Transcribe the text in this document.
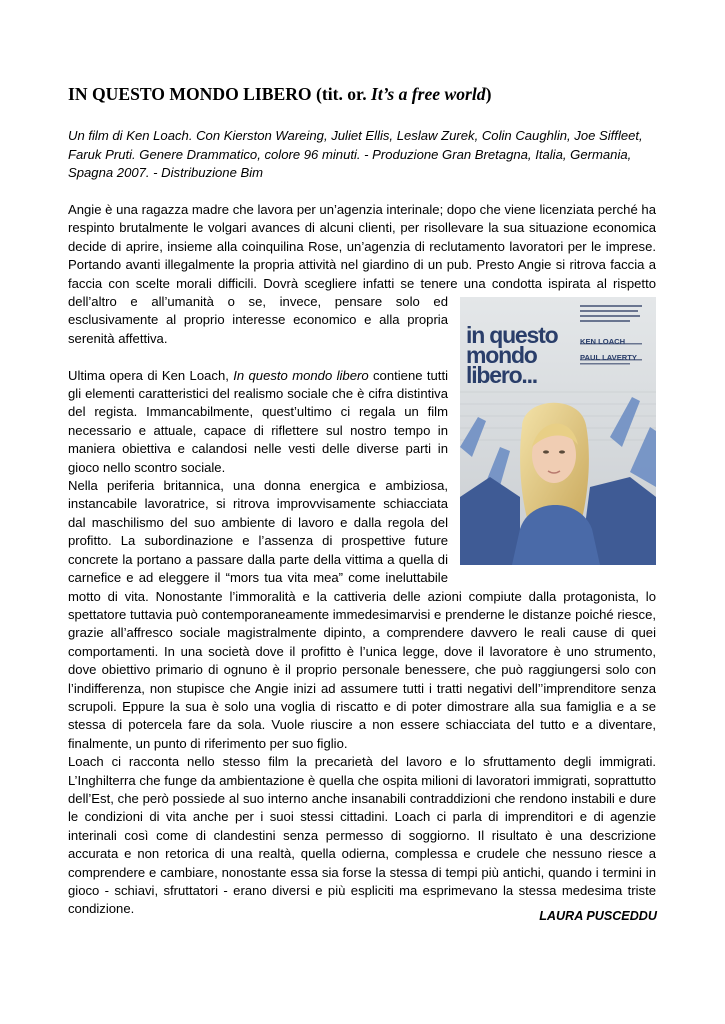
IN QUESTO MONDO LIBERO (tit. or. It’s a free world)

Un film di Ken Loach. Con Kierston Wareing, Juliet Ellis, Leslaw Zurek, Colin Caughlin, Joe Siffleet, Faruk Pruti. Genere Drammatico, colore 96 minuti. - Produzione Gran Bretagna, Italia, Germania, Spagna 2007. - Distribuzione Bim

Angie è una ragazza madre che lavora per un’agenzia interinale; dopo che viene licenziata perché ha respinto brutalmente le volgari avances di alcuni clienti, per risollevare la sua situazione economica decide di aprire, insieme alla coinquilina Rose, un’agenzia di reclutamento lavoratori per le imprese. Portando avanti illegalmente la propria attività nel giardino di un pub. Presto Angie si ritrova faccia a faccia con scelte morali difficili. Dovrà scegliere infatti se tenere una condotta
in questo
mondo
libero...
KEN LOACH
PAUL LAVERTY
ispirata al rispetto dell’altro e all’umanità o se, invece, pensare solo ed esclusivamente al proprio interesse economico e alla propria serenità affettiva.

Ultima opera di Ken Loach, In questo mondo libero contiene tutti gli elementi caratteristici del realismo sociale che è cifra distintiva del regista. Immancabilmente, quest’ultimo ci regala un film necessario e attuale, capace di riflettere sul nostro tempo in maniera obiettiva e calandosi nelle vesti delle diverse parti in gioco nello scontro sociale.

Nella periferia britannica, una donna energica e ambiziosa, instancabile lavoratrice, si ritrova improvvisamente schiacciata dal maschilismo del suo ambiente di lavoro e dalla regola del profitto. La subordinazione e l’assenza di prospettive future concrete la portano a passare dalla parte della vittima a quella di carnefice e ad eleggere il “mors tua vita mea” come ineluttabile motto di vita. Nonostante l’immoralità e la cattiveria delle azioni compiute dalla protagonista, lo spettatore tuttavia può contemporaneamente immedesimarvisi e prenderne le distanze poiché riesce, grazie all’affresco sociale magistralmente dipinto, a comprendere davvero le reali cause di quei comportamenti. In una società dove il profitto è l’unica legge, dove il lavoratore è uno strumento, dove obiettivo primario di ognuno è il proprio personale benessere, che può raggiungersi solo con l’indifferenza, non stupisce che Angie inizi ad assumere tutti i tratti negativi dell’’imprenditore senza scrupoli. Eppure la sua è solo una voglia di riscatto e di poter dimostrare alla sua famiglia e a se stessa di potercela fare da sola. Vuole riuscire a non essere schiacciata del tutto e a diventare, finalmente, un punto di riferimento per suo figlio.

Loach ci racconta nello stesso film la precarietà del lavoro e lo sfruttamento degli immigrati. L’Inghilterra che funge da ambientazione è quella che ospita milioni di lavoratori immigrati, soprattutto dell’Est, che però possiede al suo interno anche insanabili contraddizioni che rendono instabili e dure le condizioni di vita anche per i suoi stessi cittadini. Loach ci parla di imprenditori e di agenzie interinali così come di clandestini senza permesso di soggiorno. Il risultato è una descrizione accurata e non retorica di una realtà, quella odierna, complessa e crudele che nessuno riesce a comprendere e cambiare, nonostante essa sia forse la stessa di tempi più antichi, quando i termini in gioco - schiavi, sfruttatori - erano diversi e più espliciti ma esprimevano la stessa medesima triste condizione.	LAURA PUSCEDDU
